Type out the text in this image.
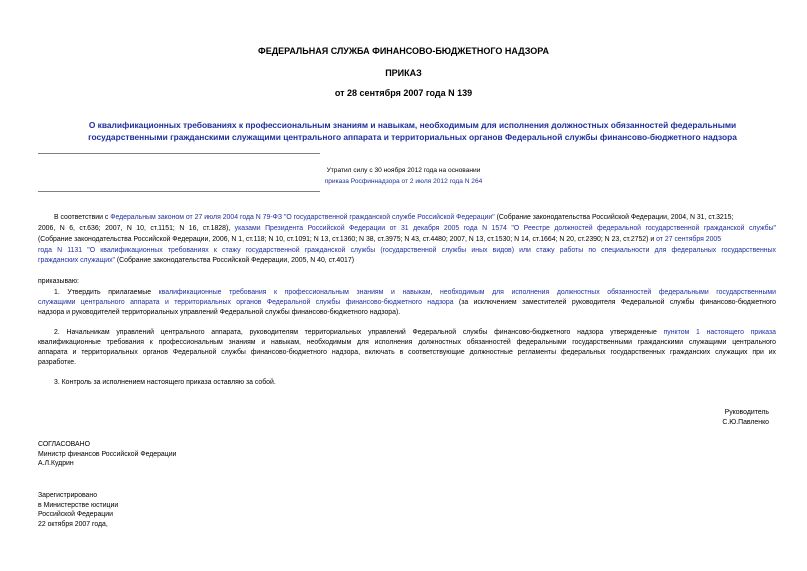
ФЕДЕРАЛЬНАЯ СЛУЖБА ФИНАНСОВО-БЮДЖЕТНОГО НАДЗОРА
ПРИКАЗ
от 28 сентября 2007 года N 139
О квалификационных требованиях к профессиональным знаниям и навыкам, необходимым для исполнения должностных обязанностей федеральными
государственными гражданскими служащими центрального аппарата и территориальных органов Федеральной службы финансово-бюджетного надзора
Утратил силу с 30 ноября 2012 года на основании
приказа Росфиннадзора от 2 июля 2012 года N 264
В соответствии с Федеральным законом от 27 июля 2004 года N 79-ФЗ "О государственной гражданской службе Российской Федерации" (Собрание законодательства Российской Федерации, 2004, N 31, ст.3215;
2006, N 6, ст.636; 2007, N 10, ст.1151; N 16, ст.1828), указами Президента Российской Федерации от 31 декабря 2005 года N 1574 "О Реестре должностей федеральной государственной гражданской службы"
(Собрание законодательства Российской Федерации, 2006, N 1, ст.118; N 10, ст.1091; N 13, ст.1360; N 38, ст.3975; N 43, ст.4480; 2007, N 13, ст.1530; N 14, ст.1664; N 20, ст.2390; N 23, ст.2752) и от 27 сентября 2005
года N 1131 "О квалификационных требованиях к стажу государственной гражданской службы (государственной службы иных видов) или стажу работы по специальности для федеральных государственных
гражданских служащих" (Собрание законодательства Российской Федерации, 2005, N 40, ст.4017)
приказываю:
1. Утвердить прилагаемые квалификационные требования к профессиональным знаниям и навыкам, необходимым для исполнения должностных обязанностей федеральными государственными
служащими центрального аппарата и территориальных органов Федеральной службы финансово-бюджетного надзора (за исключением заместителей руководителя Федеральной службы финансово-бюджетного
надзора и руководителей территориальных управлений Федеральной службы финансово-бюджетного надзора).
2. Начальникам управлений центрального аппарата, руководителям территориальных управлений Федеральной службы финансово-бюджетного надзора утвержденные пунктом 1 настоящего приказа
квалификационные требования к профессиональным знаниям и навыкам, необходимым для исполнения должностных обязанностей федеральными государственными гражданскими служащими центрального
аппарата и территориальных органов Федеральной службы финансово-бюджетного надзора, включать в соответствующие должностные регламенты федеральных государственных гражданских служащих при их
разработке.
3. Контроль за исполнением настоящего приказа оставляю за собой.
Руководитель
С.Ю.Павленко
СОГЛАСОВАНО
Министр финансов Российской Федерации
А.Л.Кудрин
Зарегистрировано
в Министерстве юстиции
Российской Федерации
22 октября 2007 года,
